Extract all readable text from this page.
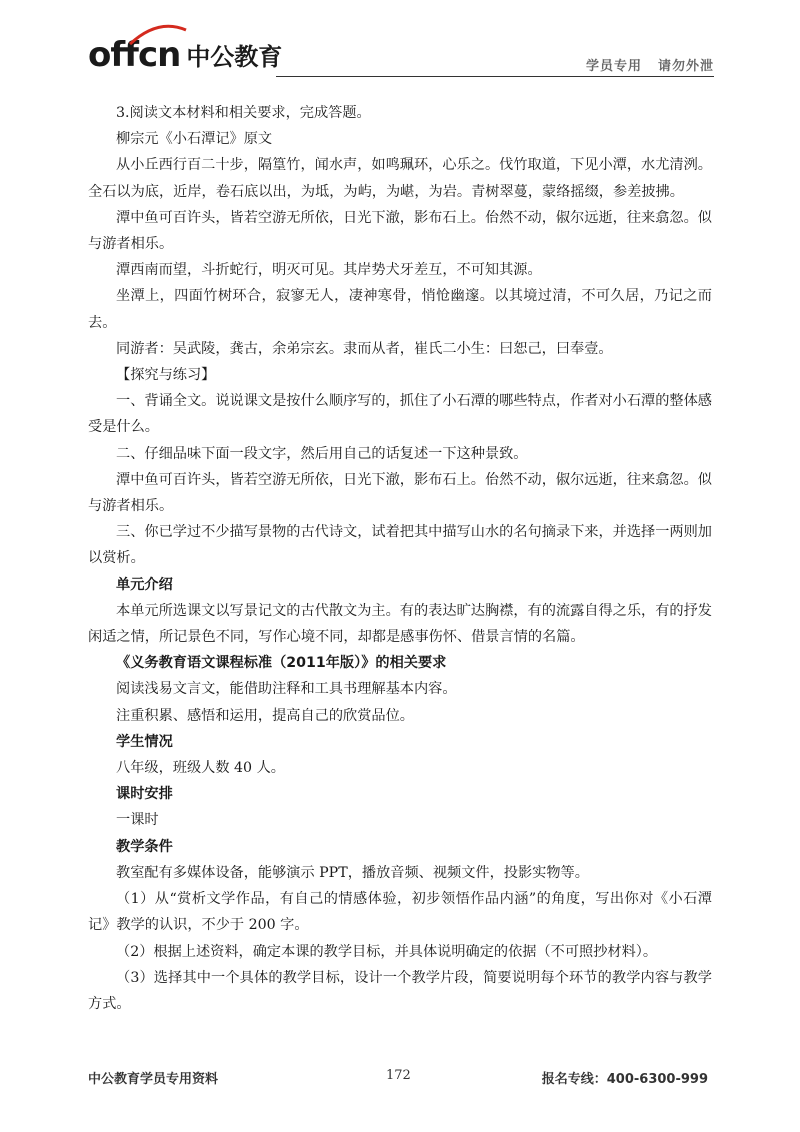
offcn 中公教育	学员专用 请勿外泄

3.阅读文本材料和相关要求，完成答题。

柳宗元《小石潭记》原文

从小丘西行百二十步，隔篁竹，闻水声，如鸣珮环，心乐之。伐竹取道，下见小潭，水尤清洌。全石以为底，近岸，卷石底以出，为坻，为屿，为嵁，为岩。青树翠蔓，蒙络摇缀，参差披拂。

潭中鱼可百许头，皆若空游无所依，日光下澈，影布石上。佁然不动，俶尔远逝，往来翕忽。似与游者相乐。

潭西南而望，斗折蛇行，明灭可见。其岸势犬牙差互，不可知其源。

坐潭上，四面竹树环合，寂寥无人，凄神寒骨，悄怆幽邃。以其境过清，不可久居，乃记之而去。

同游者：吴武陵，龚古，余弟宗玄。隶而从者，崔氏二小生：曰恕己，曰奉壹。

【探究与练习】

一、背诵全文。说说课文是按什么顺序写的，抓住了小石潭的哪些特点，作者对小石潭的整体感受是什么。

二、仔细品味下面一段文字，然后用自己的话复述一下这种景致。

潭中鱼可百许头，皆若空游无所依，日光下澈，影布石上。佁然不动，俶尔远逝，往来翕忽。似与游者相乐。

三、你已学过不少描写景物的古代诗文，试着把其中描写山水的名句摘录下来，并选择一两则加以赏析。

单元介绍

本单元所选课文以写景记文的古代散文为主。有的表达旷达胸襟，有的流露自得之乐，有的抒发闲适之情，所记景色不同，写作心境不同，却都是感事伤怀、借景言情的名篇。

《义务教育语文课程标准（2011年版）》的相关要求

阅读浅易文言文，能借助注释和工具书理解基本内容。

注重积累、感悟和运用，提高自己的欣赏品位。

学生情况

八年级，班级人数 40 人。

课时安排

一课时

教学条件

教室配有多媒体设备，能够演示 PPT，播放音频、视频文件，投影实物等。

（1）从“赏析文学作品，有自己的情感体验，初步领悟作品内涵”的角度，写出你对《小石潭记》教学的认识，不少于 200 字。

（2）根据上述资料，确定本课的教学目标，并具体说明确定的依据（不可照抄材料）。

（3）选择其中一个具体的教学目标，设计一个教学片段，简要说明每个环节的教学内容与教学方式。

中公教育学员专用资料	172	报名专线：400-6300-999
